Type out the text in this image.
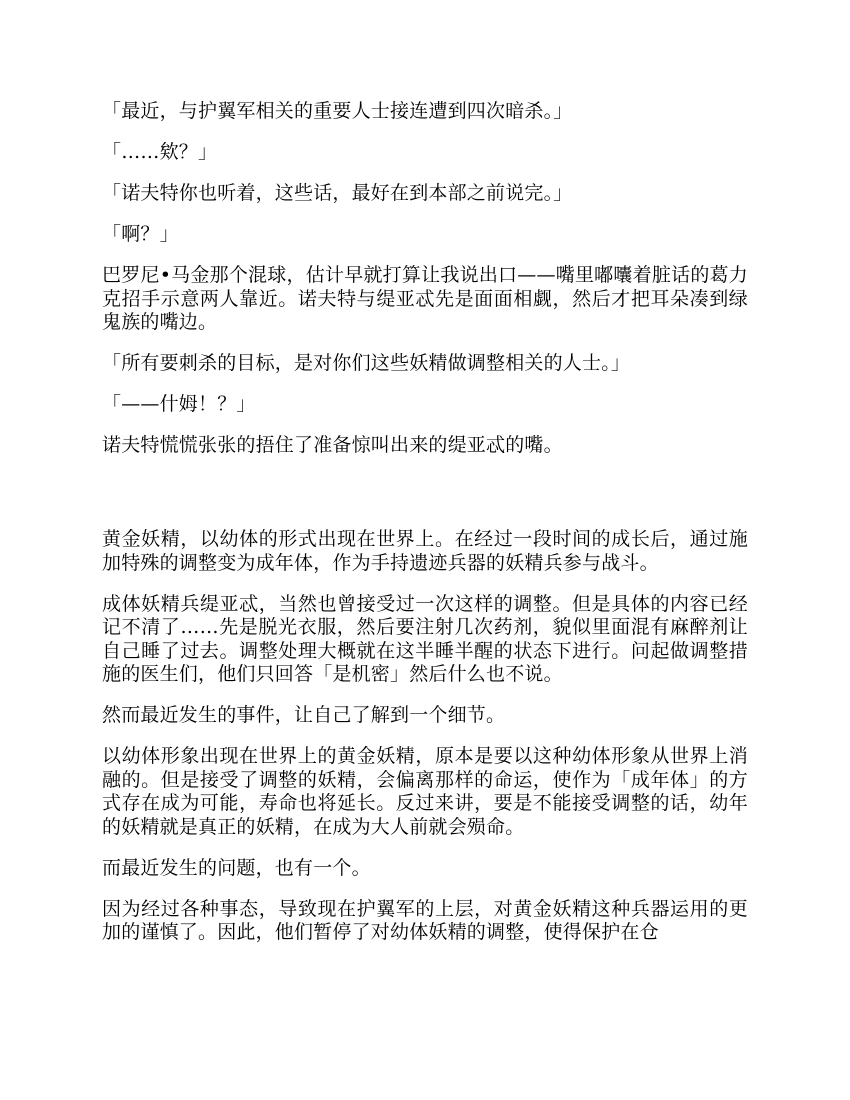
「最近，与护翼军相关的重要人士接连遭到四次暗杀。」

「……欸？」

「诺夫特你也听着，这些话，最好在到本部之前说完。」

「啊？」

巴罗尼•马金那个混球，估计早就打算让我说出口——嘴里嘟囔着脏话的葛力克招手示意两人靠近。诺夫特与缇亚忒先是面面相觑，然后才把耳朵凑到绿鬼族的嘴边。

「所有要刺杀的目标，是对你们这些妖精做调整相关的人士。」

「——什姆！？」

诺夫特慌慌张张的捂住了准备惊叫出来的缇亚忒的嘴。

黄金妖精，以幼体的形式出现在世界上。在经过一段时间的成长后，通过施加特殊的调整变为成年体，作为手持遗迹兵器的妖精兵参与战斗。

成体妖精兵缇亚忒，当然也曾接受过一次这样的调整。但是具体的内容已经记不清了……先是脱光衣服，然后要注射几次药剂，貌似里面混有麻醉剂让自己睡了过去。调整处理大概就在这半睡半醒的状态下进行。问起做调整措施的医生们，他们只回答「是机密」然后什么也不说。

然而最近发生的事件，让自己了解到一个细节。

以幼体形象出现在世界上的黄金妖精，原本是要以这种幼体形象从世界上消融的。但是接受了调整的妖精，会偏离那样的命运，使作为「成年体」的方式存在成为可能，寿命也将延长。反过来讲，要是不能接受调整的话，幼年的妖精就是真正的妖精，在成为大人前就会殒命。

而最近发生的问题，也有一个。

因为经过各种事态，导致现在护翼军的上层，对黄金妖精这种兵器运用的更加的谨慎了。因此，他们暂停了对幼体妖精的调整，使得保护在仓
